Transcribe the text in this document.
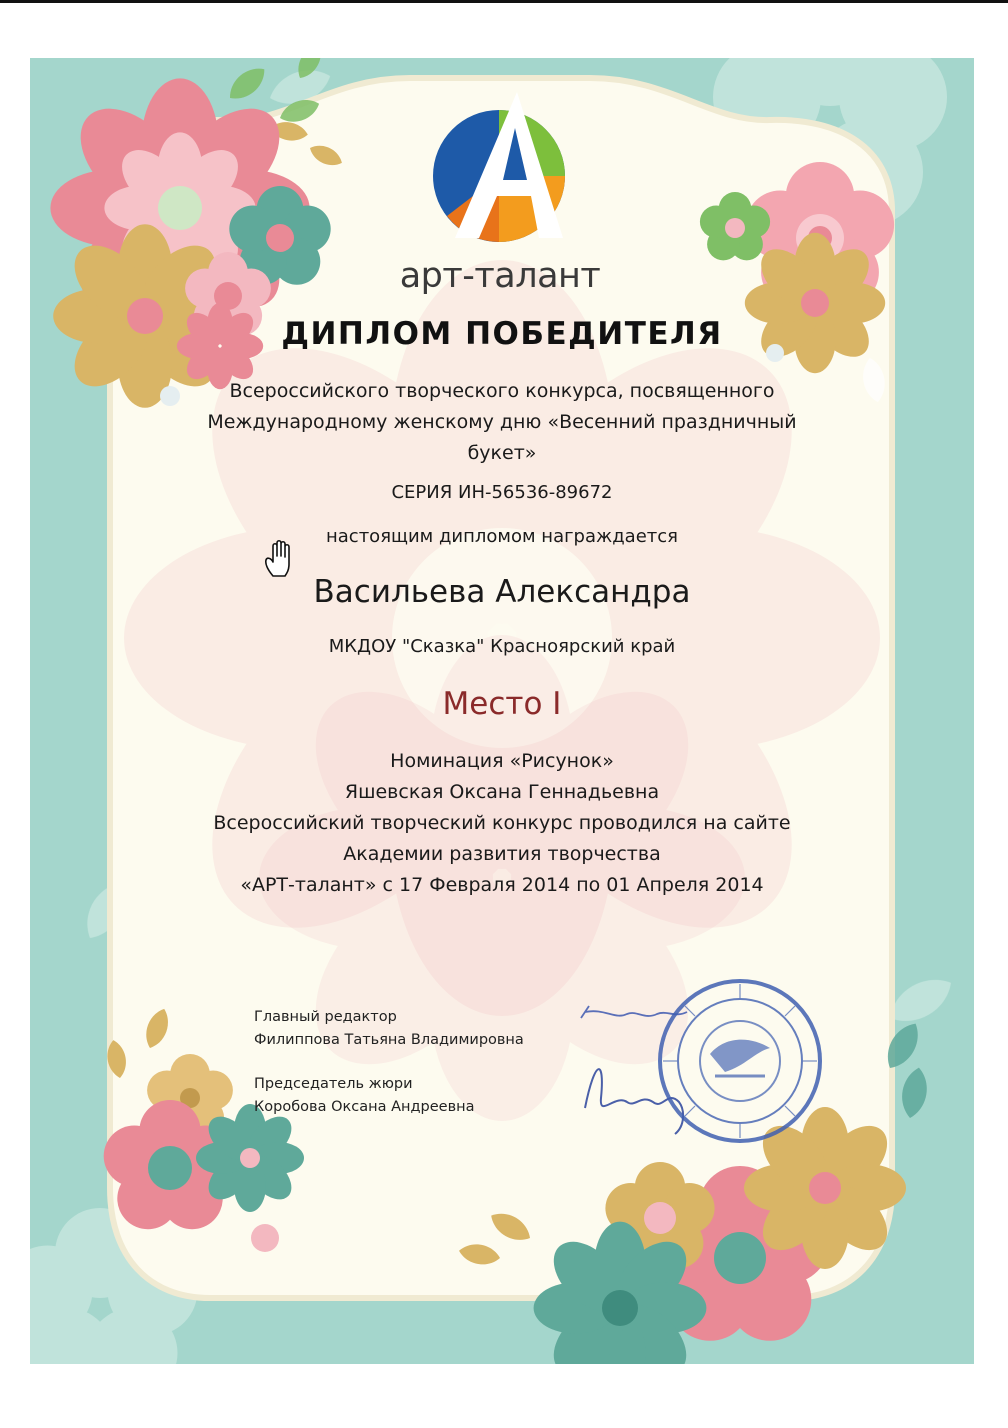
арт-талант
ДИПЛОМ ПОБЕДИТЕЛЯ
Всероссийского творческого конкурса, посвященного Международному женскому дню «Весенний праздничный букет»
СЕРИЯ ИН-56536-89672
настоящим дипломом награждается
Васильева Александра
МКДОУ "Сказка" Красноярский край
Место I
Номинация «Рисунок»
Яшевская Оксана Геннадьевна
Всероссийский творческий конкурс проводился на сайте
Академии развития творчества
«АРТ-талант» с 17 Февраля 2014 по 01 Апреля 2014
Главный редактор
Филиппова Татьяна Владимировна
Председатель жюри
Коробова Оксана Андреевна
